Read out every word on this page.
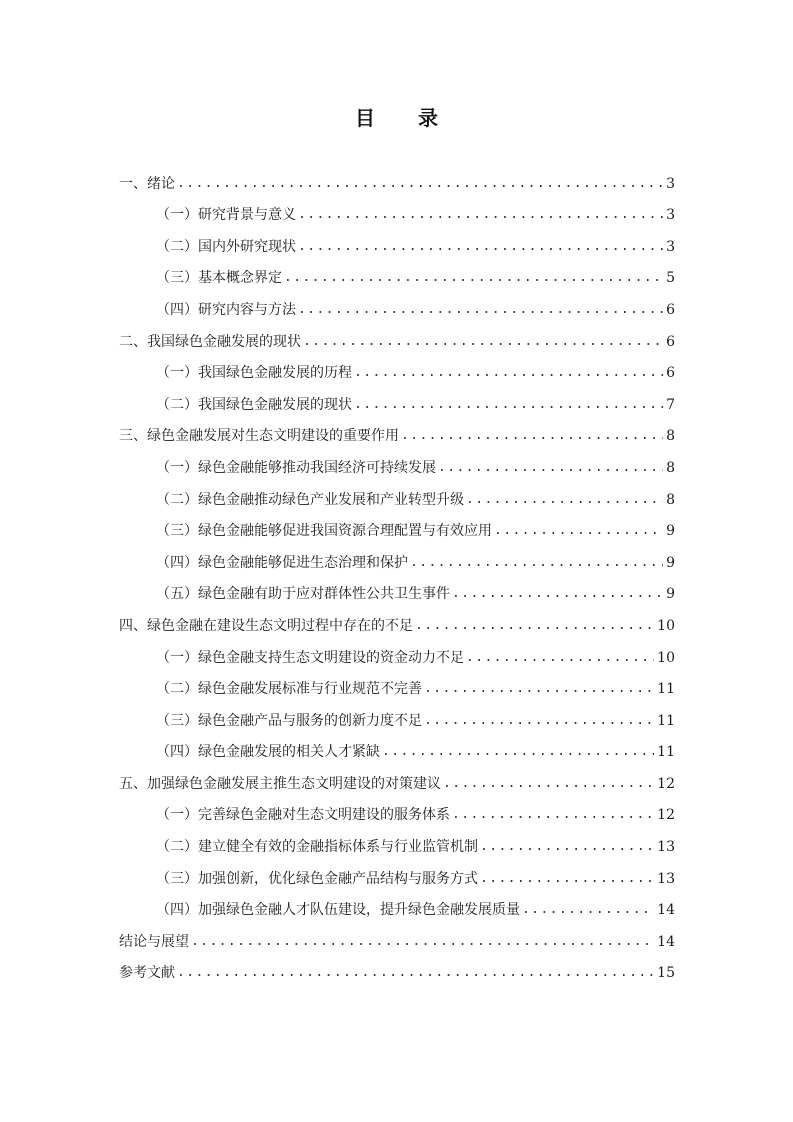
目 录
一、绪论 .....	3
（一）研究背景与意义 .....	3
（二）国内外研究现状 .....	3
（三）基本概念界定 .....	5
（四）研究内容与方法 .....	6
二、我国绿色金融发展的现状 .....	6
（一）我国绿色金融发展的历程 .....	6
（二）我国绿色金融发展的现状 .....	7
三、绿色金融发展对生态文明建设的重要作用 .....	8
（一）绿色金融能够推动我国经济可持续发展 .....	8
（二）绿色金融推动绿色产业发展和产业转型升级 .....	8
（三）绿色金融能够促进我国资源合理配置与有效应用 .....	9
（四）绿色金融能够促进生态治理和保护 .....	9
（五）绿色金融有助于应对群体性公共卫生事件 .....	9
四、绿色金融在建设生态文明过程中存在的不足 .....	10
（一）绿色金融支持生态文明建设的资金动力不足 .....	10
（二）绿色金融发展标准与行业规范不完善 .....	11
（三）绿色金融产品与服务的创新力度不足 .....	11
（四）绿色金融发展的相关人才紧缺 .....	11
五、加强绿色金融发展主推生态文明建设的对策建议 .....	12
（一）完善绿色金融对生态文明建设的服务体系 .....	12
（二）建立健全有效的金融指标体系与行业监管机制 .....	13
（三）加强创新，优化绿色金融产品结构与服务方式 .....	13
（四）加强绿色金融人才队伍建设，提升绿色金融发展质量 .....	14
结论与展望 .....	14
参考文献 .....	15
